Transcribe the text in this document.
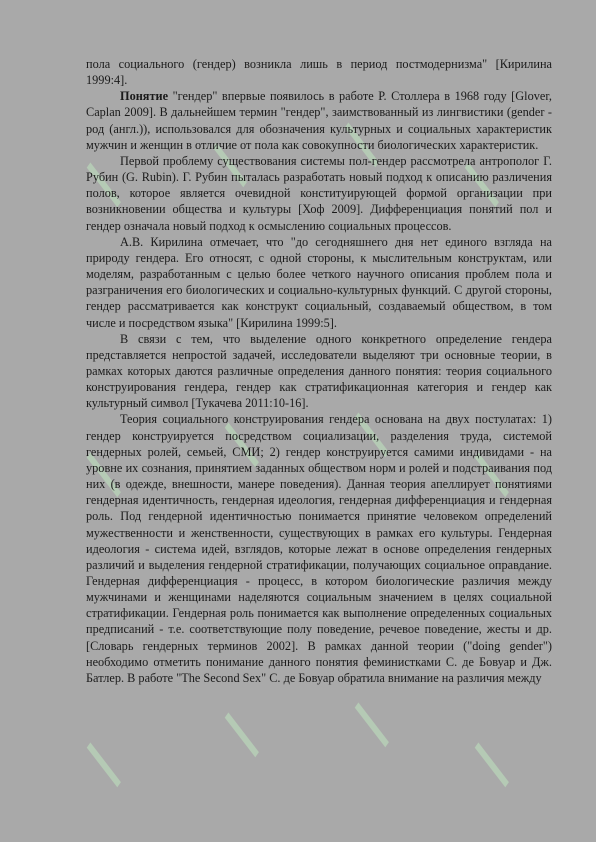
/ / /
/
/
/ /
/
/
/ /
/

пола социального (гендер) возникла лишь в период постмодернизма" [Кирилина 1999:4].

Понятие "гендер" впервые появилось в работе Р. Столлера в 1968 году [Glover, Caplan 2009]. В дальнейшем термин "гендер", заимствованный из лингвистики (gender - род (англ.)), использовался для обозначения культурных и социальных характеристик мужчин и женщин в отличие от пола как совокупности биологических характеристик.

Первой проблему существования системы пол-гендер рассмотрела антрополог Г. Рубин (G. Rubin). Г. Рубин пыталась разработать новый подход к описанию различения полов, которое является очевидной конституирующей формой организации при возникновении общества и культуры [Хоф 2009]. Дифференциация понятий пол и гендер означала новый подход к осмыслению социальных процессов.

А.В. Кирилина отмечает, что "до сегодняшнего дня нет единого взгляда на природу гендера. Его относят, с одной стороны, к мыслительным конструктам, или моделям, разработанным с целью более четкого научного описания проблем пола и разграничения его биологических и социально-культурных функций. С другой стороны, гендер рассматривается как конструкт социальный, создаваемый обществом, в том числе и посредством языка" [Кирилина 1999:5].

В связи с тем, что выделение одного конкретного определение гендера представляется непростой задачей, исследователи выделяют три основные теории, в рамках которых даются различные определения данного понятия: теория социального конструирования гендера, гендер как стратификационная категория и гендер как культурный символ [Тукачева 2011:10-16].

Теория социального конструирования гендера основана на двух постулатах: 1) гендер конструируется посредством социализации, разделения труда, системой гендерных ролей, семьей, СМИ; 2) гендер конструируется самими индивидами - на уровне их сознания, принятием заданных обществом норм и ролей и подстраивания под них (в одежде, внешности, манере поведения). Данная теория апеллирует понятиями гендерная идентичность, гендерная идеология, гендерная дифференциация и гендерная роль. Под гендерной идентичностью понимается принятие человеком определений мужественности и женственности, существующих в рамках его культуры. Гендерная идеология - система идей, взглядов, которые лежат в основе определения гендерных различий и выделения гендерной стратификации, получающих социальное оправдание. Гендерная дифференциация - процесс, в котором биологические различия между мужчинами и женщинами наделяются социальным значением в целях социальной стратификации. Гендерная роль понимается как выполнение определенных социальных предписаний - т.е. соответствующие полу поведение, речевое поведение, жесты и др. [Словарь гендерных терминов 2002]. В рамках данной теории ("doing gender") необходимо отметить понимание данного понятия феминистками С. де Бовуар и Дж. Батлер. В работе "The Second Sex" С. де Бовуар обратила внимание на различия между
